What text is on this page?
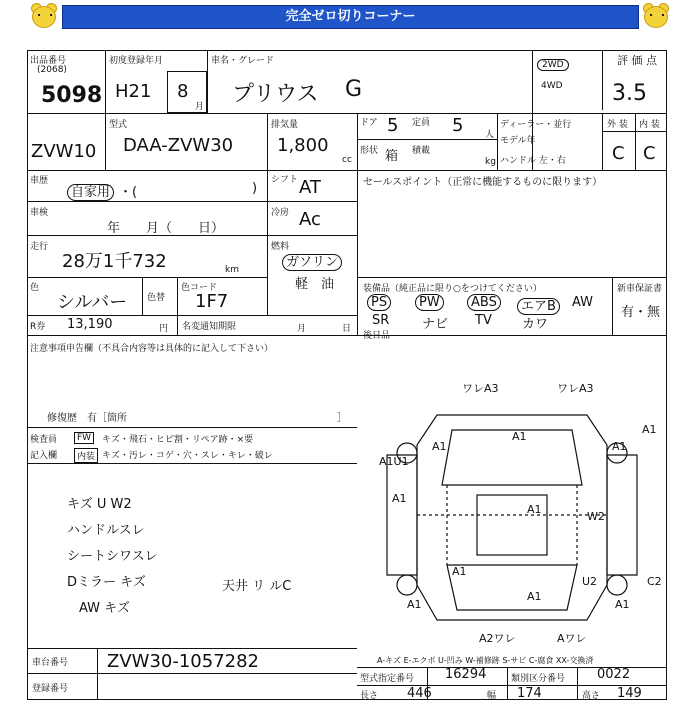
完全ゼロ切りコーナー
出品番号
(2068)
5098
初度登録年月
H21 8
月
車名・グレード
プリウス G
2WD
4WD
評 価 点
3.5
型式
DAA-ZVW30
排気量
1,800
cc
ドア 5 定員 5 人
形状 箱 積載
kg
ディーラー・並行
モデル年
ハンドル 左・右
外 装 内 装
C C
ZVW10
車歴
自家用 ・(	)
シフト AT	セールスポイント（正常に機能するものに限ります）
車検
年　　月（　　日）
冷房 Ac
走行
28万1千732	km
燃料
ガソリン
軽　油
色
シルバー 色替
色コード
1F7
装備品（純正品に限り○をつけてください）	新車保証書
有・無
PS	PW	ABS	エアB	AW
SR	ナビ TV カワ
R券 13,190	円 名変通知期限	月	日
後日品
注意事項申告欄（不具合内容等は具体的に記入して下さい）
修復歴　有［箇所	］
検査員
記入欄
FW	キズ・飛石・ヒビ割・リペア跡・×要
内装 キズ・汚レ・コゲ・穴・スレ・キレ・破レ
キズ U W2
ハンドルスレ
シートシワスレ
Dミラー キズ
AW キズ
天井 リ ルC
ワレA3	ワレA3
A1
A1	A1
A1
A1U1
A1
A1
W2
A1
U2	C2
A1
A1	A1
A2ワレ	Aワレ
A-キズ E-エクボ U-凹み W-補修跡 S-サビ C-腐食 XX-交換済
車台番号 ZVW30-1057282
登録番号
型式指定番号 16294	類別区分番号 0022
長さ 446	幅 174	高さ 149
